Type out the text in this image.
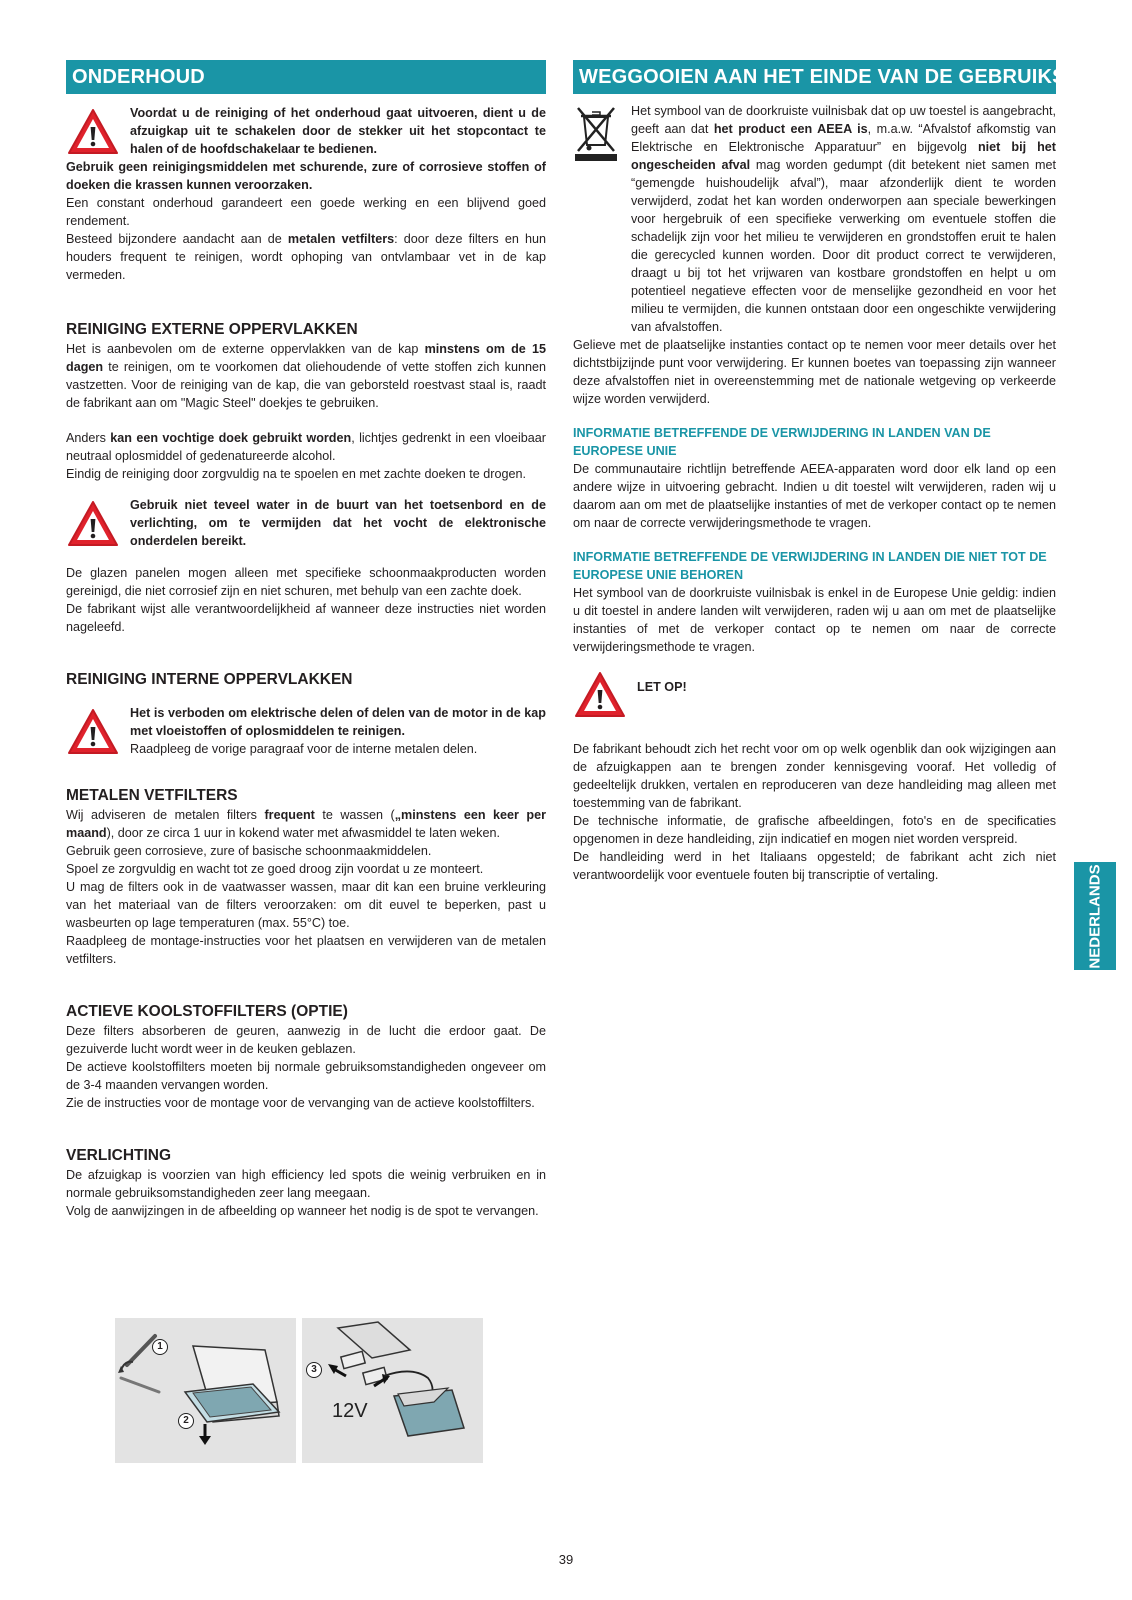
ONDERHOUD

Voordat u de reiniging of het onderhoud gaat uitvoeren, dient u de afzuigkap uit te schakelen door de stekker uit het stopcontact te halen of de hoofdschakelaar te bedienen.

Gebruik geen reinigingsmiddelen met schurende, zure of corrosieve stoffen of doeken die krassen kunnen veroorzaken.

Een constant onderhoud garandeert een goede werking en een blijvend goed rendement.

Besteed bijzondere aandacht aan de metalen vetfilters: door deze filters en hun houders frequent te reinigen, wordt ophoping van ontvlambaar vet in de kap vermeden.

REINIGING EXTERNE OPPERVLAKKEN

Het is aanbevolen om de externe oppervlakken van de kap minstens om de 15 dagen te reinigen, om te voorkomen dat oliehoudende of vette stoffen zich kunnen vastzetten. Voor de reiniging van de kap, die van geborsteld roestvast staal is, raadt de fabrikant aan om "Magic Steel" doekjes te gebruiken.

Anders kan een vochtige doek gebruikt worden, lichtjes gedrenkt in een vloeibaar neutraal oplosmiddel of gedenatureerde alcohol.

Eindig de reiniging door zorgvuldig na te spoelen en met zachte doeken te drogen.

Gebruik niet teveel water in de buurt van het toetsenbord en de verlichting, om te vermijden dat het vocht de elektronische onderdelen bereikt.

De glazen panelen mogen alleen met specifieke schoonmaakproducten worden gereinigd, die niet corrosief zijn en niet schuren, met behulp van een zachte doek.

De fabrikant wijst alle verantwoordelijkheid af wanneer deze instructies niet worden nageleefd.

REINIGING INTERNE OPPERVLAKKEN

Het is verboden om elektrische delen of delen van de motor in de kap met vloeistoffen of oplosmiddelen te reinigen.

Raadpleeg de vorige paragraaf voor de interne metalen delen.

METALEN VETFILTERS

Wij adviseren de metalen filters frequent te wassen („minstens een keer per maand), door ze circa 1 uur in kokend water met afwasmiddel te laten weken.

Gebruik geen corrosieve, zure of basische schoonmaakmiddelen.

Spoel ze zorgvuldig en wacht tot ze goed droog zijn voordat u ze monteert.

U mag de filters ook in de vaatwasser wassen, maar dit kan een bruine verkleuring van het materiaal van de filters veroorzaken: om dit euvel te beperken, past u wasbeurten op lage temperaturen (max. 55°C) toe.

Raadpleeg de montage-instructies voor het plaatsen en verwijderen van de metalen vetfilters.

ACTIEVE KOOLSTOFFILTERS (OPTIE)

Deze filters absorberen de geuren, aanwezig in de lucht die erdoor gaat. De gezuiverde lucht wordt weer in de keuken geblazen.

De actieve koolstoffilters moeten bij normale gebruiksomstandigheden ongeveer om de 3-4 maanden vervangen worden.

Zie de instructies voor de montage voor de vervanging van de actieve koolstoffilters.

VERLICHTING

De afzuigkap is voorzien van high efficiency led spots die weinig verbruiken en in normale gebruiksomstandigheden zeer lang meegaan.

Volg de aanwijzingen in de afbeelding op wanneer het nodig is de spot te vervangen.

1
2
3
12V
WEGGOOIEN AAN HET EINDE VAN DE GEBRUIKSDUUR

Het symbool van de doorkruiste vuilnisbak dat op uw toestel is aangebracht, geeft aan dat het product een AEEA is, m.a.w. “Afvalstof afkomstig van Elektrische en Elektronische Apparatuur” en bijgevolg niet bij het ongescheiden afval mag worden gedumpt (dit betekent niet samen met “gemengde huishoudelijk afval”), maar afzonderlijk dient te worden verwijderd, zodat het kan worden onderworpen aan speciale bewerkingen voor hergebruik of een specifieke verwerking om eventuele stoffen die schadelijk zijn voor het milieu te verwijderen en grondstoffen eruit te halen die gerecycled kunnen worden. Door dit product correct te verwijderen, draagt u bij tot het vrijwaren van kostbare grondstoffen en helpt u om potentieel negatieve effecten voor de menselijke gezondheid en voor het milieu te vermijden, die kunnen ontstaan door een ongeschikte verwijdering van afvalstoffen.

Gelieve met de plaatselijke instanties contact op te nemen voor meer details over het dichtstbijzijnde punt voor verwijdering. Er kunnen boetes van toepassing zijn wanneer deze afvalstoffen niet in overeenstemming met de nationale wetgeving op verkeerde wijze worden verwijderd.

INFORMATIE BETREFFENDE DE VERWIJDERING IN LANDEN VAN DE EUROPESE UNIE

De communautaire richtlijn betreffende AEEA-apparaten word door elk land op een andere wijze in uitvoering gebracht. Indien u dit toestel wilt verwijderen, raden wij u daarom aan om met de plaatselijke instanties of met de verkoper contact op te nemen om naar de correcte verwijderingsmethode te vragen.

INFORMATIE BETREFFENDE DE VERWIJDERING IN LANDEN DIE NIET TOT DE EUROPESE UNIE BEHOREN

Het symbool van de doorkruiste vuilnisbak is enkel in de Europese Unie geldig: indien u dit toestel in andere landen wilt verwijderen, raden wij u aan om met de plaatselijke instanties of met de verkoper contact op te nemen om naar de correcte verwijderingsmethode te vragen.

LET OP!

De fabrikant behoudt zich het recht voor om op welk ogenblik dan ook wijzigingen aan de afzuigkappen aan te brengen zonder kennisgeving vooraf. Het volledig of gedeeltelijk drukken, vertalen en reproduceren van deze handleiding mag alleen met toestemming van de fabrikant.

De technische informatie, de grafische afbeeldingen, foto's en de specificaties opgenomen in deze handleiding, zijn indicatief en mogen niet worden verspreid.

De handleiding werd in het Italiaans opgesteld; de fabrikant acht zich niet verantwoordelijk voor eventuele fouten bij transcriptie of vertaling.	NEDERLANDS
39
